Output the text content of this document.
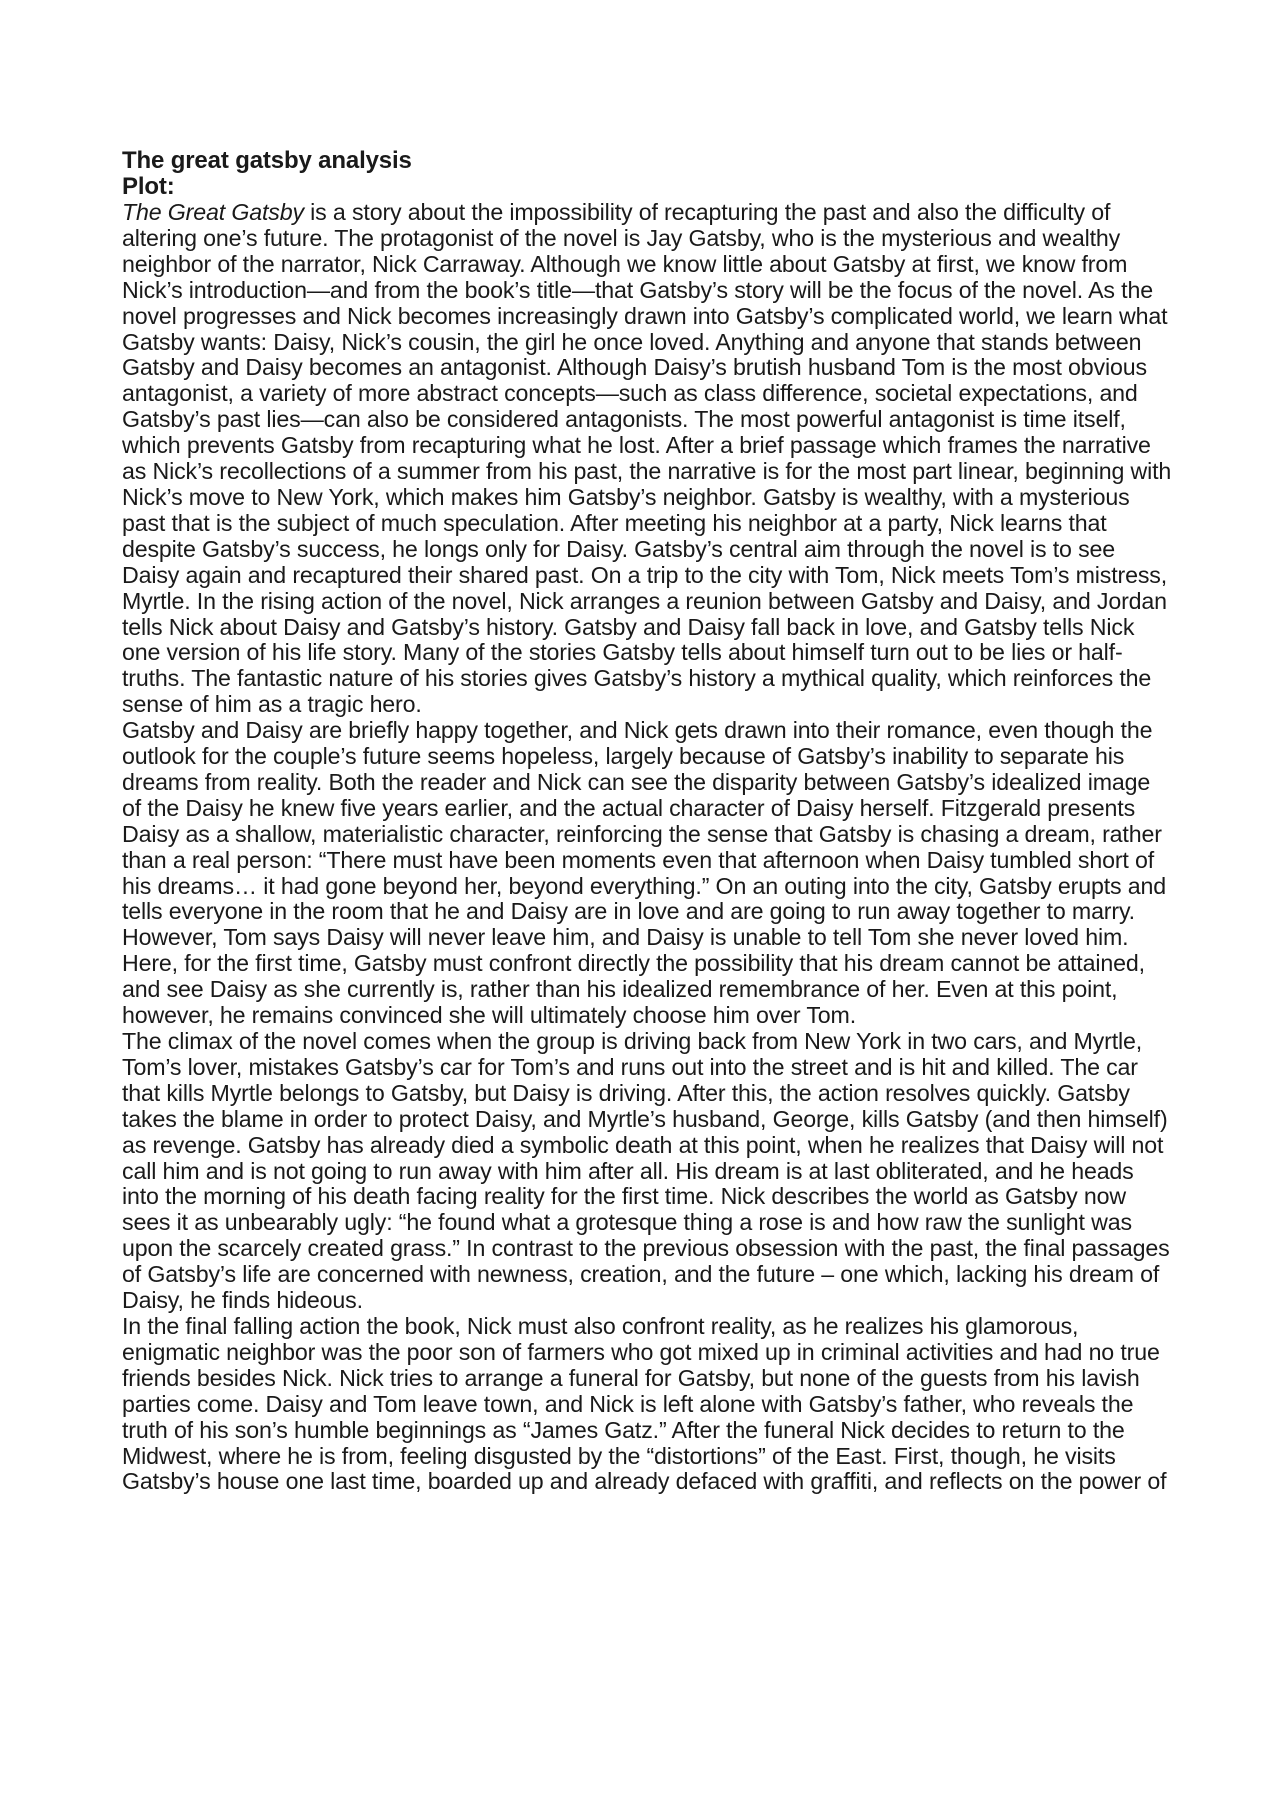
The great gatsby analysis
Plot:

The Great Gatsby is a story about the impossibility of recapturing the past and also the difficulty of altering one’s future. The protagonist of the novel is Jay Gatsby, who is the mysterious and wealthy neighbor of the narrator, Nick Carraway. Although we know little about Gatsby at first, we know from Nick’s introduction—and from the book’s title—that Gatsby’s story will be the focus of the novel. As the novel progresses and Nick becomes increasingly drawn into Gatsby’s complicated world, we learn what Gatsby wants: Daisy, Nick’s cousin, the girl he once loved. Anything and anyone that stands between Gatsby and Daisy becomes an antagonist. Although Daisy’s brutish husband Tom is the most obvious antagonist, a variety of more abstract concepts—such as class difference, societal expectations, and Gatsby’s past lies—can also be considered antagonists. The most powerful antagonist is time itself, which prevents Gatsby from recapturing what he lost. After a brief passage which frames the narrative as Nick’s recollections of a summer from his past, the narrative is for the most part linear, beginning with Nick’s move to New York, which makes him Gatsby’s neighbor. Gatsby is wealthy, with a mysterious past that is the subject of much speculation. After meeting his neighbor at a party, Nick learns that despite Gatsby’s success, he longs only for Daisy. Gatsby’s central aim through the novel is to see Daisy again and recaptured their shared past. On a trip to the city with Tom, Nick meets Tom’s mistress, Myrtle. In the rising action of the novel, Nick arranges a reunion between Gatsby and Daisy, and Jordan tells Nick about Daisy and Gatsby’s history. Gatsby and Daisy fall back in love, and Gatsby tells Nick one version of his life story. Many of the stories Gatsby tells about himself turn out to be lies or half-truths. The fantastic nature of his stories gives Gatsby’s history a mythical quality, which reinforces the sense of him as a tragic hero.

Gatsby and Daisy are briefly happy together, and Nick gets drawn into their romance, even though the outlook for the couple’s future seems hopeless, largely because of Gatsby’s inability to separate his dreams from reality. Both the reader and Nick can see the disparity between Gatsby’s idealized image of the Daisy he knew five years earlier, and the actual character of Daisy herself. Fitzgerald presents Daisy as a shallow, materialistic character, reinforcing the sense that Gatsby is chasing a dream, rather than a real person: “There must have been moments even that afternoon when Daisy tumbled short of his dreams… it had gone beyond her, beyond everything.” On an outing into the city, Gatsby erupts and tells everyone in the room that he and Daisy are in love and are going to run away together to marry. However, Tom says Daisy will never leave him, and Daisy is unable to tell Tom she never loved him. Here, for the first time, Gatsby must confront directly the possibility that his dream cannot be attained, and see Daisy as she currently is, rather than his idealized remembrance of her. Even at this point, however, he remains convinced she will ultimately choose him over Tom.

The climax of the novel comes when the group is driving back from New York in two cars, and Myrtle, Tom’s lover, mistakes Gatsby’s car for Tom’s and runs out into the street and is hit and killed. The car that kills Myrtle belongs to Gatsby, but Daisy is driving. After this, the action resolves quickly. Gatsby takes the blame in order to protect Daisy, and Myrtle’s husband, George, kills Gatsby (and then himself) as revenge. Gatsby has already died a symbolic death at this point, when he realizes that Daisy will not call him and is not going to run away with him after all. His dream is at last obliterated, and he heads into the morning of his death facing reality for the first time. Nick describes the world as Gatsby now sees it as unbearably ugly: “he found what a grotesque thing a rose is and how raw the sunlight was upon the scarcely created grass.” In contrast to the previous obsession with the past, the final passages of Gatsby’s life are concerned with newness, creation, and the future – one which, lacking his dream of Daisy, he finds hideous.

In the final falling action the book, Nick must also confront reality, as he realizes his glamorous, enigmatic neighbor was the poor son of farmers who got mixed up in criminal activities and had no true friends besides Nick. Nick tries to arrange a funeral for Gatsby, but none of the guests from his lavish parties come. Daisy and Tom leave town, and Nick is left alone with Gatsby’s father, who reveals the truth of his son’s humble beginnings as “James Gatz.” After the funeral Nick decides to return to the Midwest, where he is from, feeling disgusted by the “distortions” of the East. First, though, he visits Gatsby’s house one last time, boarded up and already defaced with graffiti, and reflects on the power of
